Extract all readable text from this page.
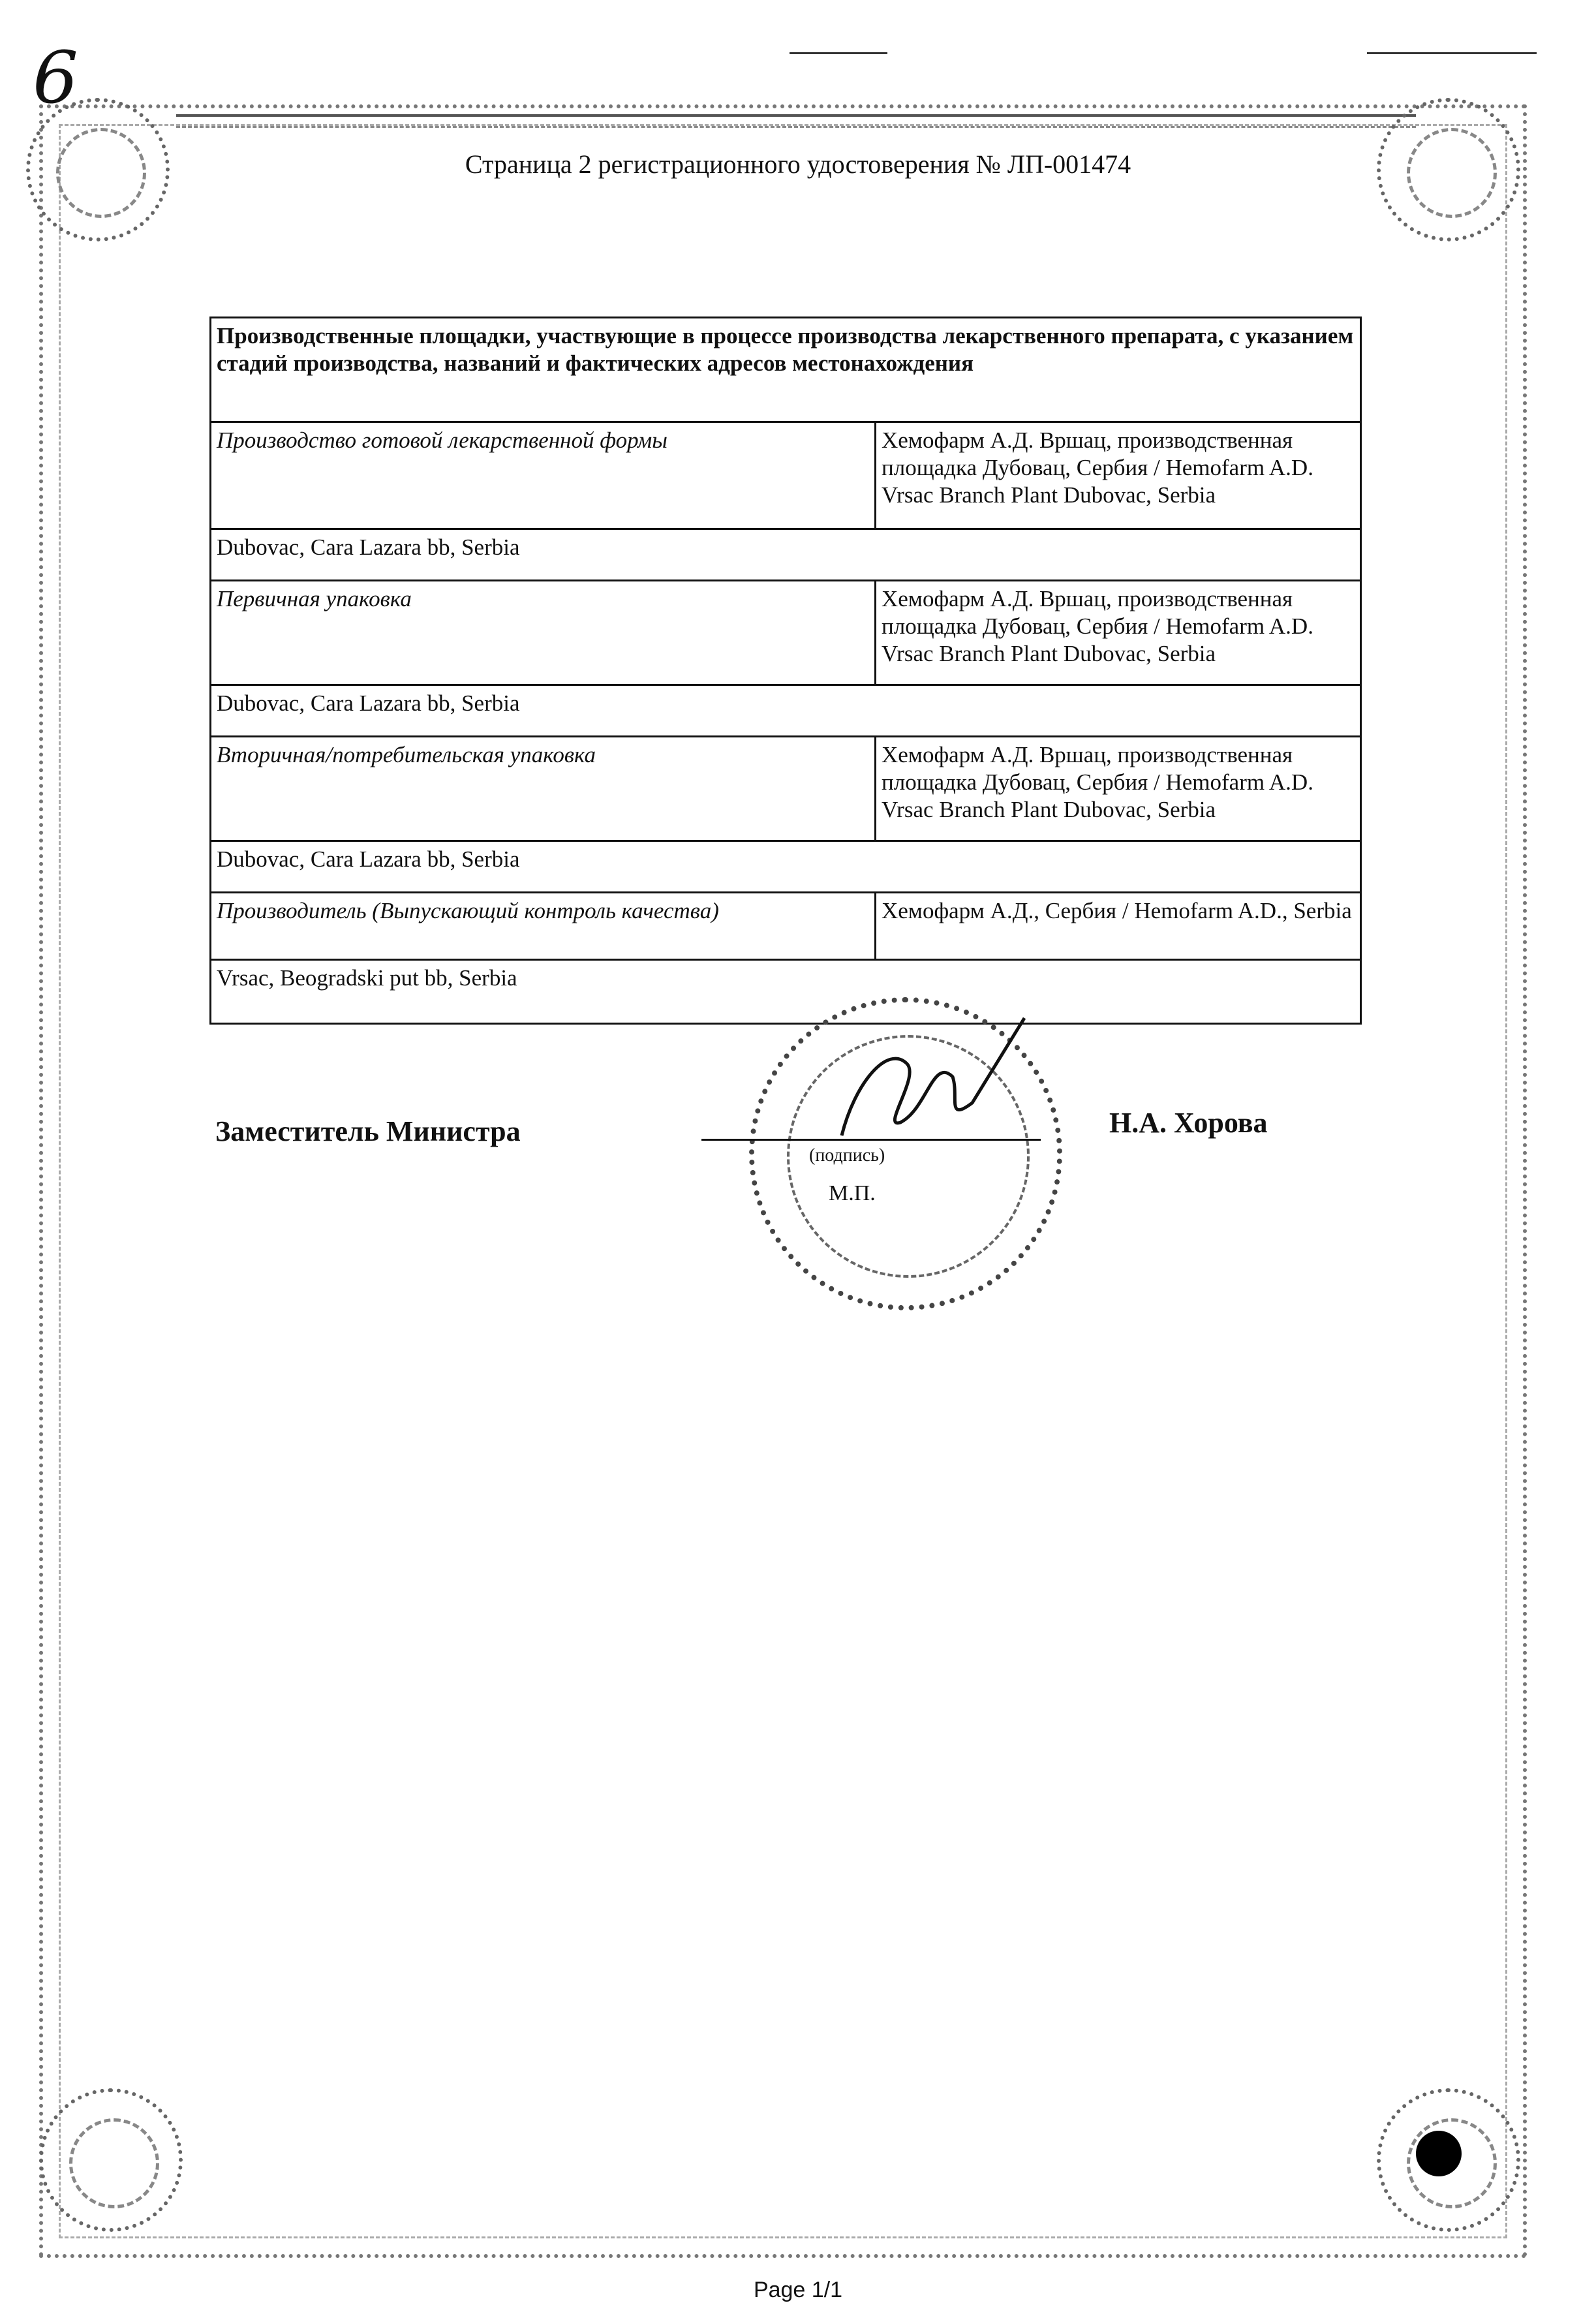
6
Страница 2 регистрационного удостоверения № ЛП-001474
Производственные площадки, участвующие в процессе производства лекарственного препарата, с указанием стадий производства, названий и фактических адресов местонахождения	
Производство готовой лекарственной формы	Хемофарм А.Д. Вршац, производственная площадка Дубовац, Сербия / Hemofarm A.D. Vrsac Branch Plant Dubovac, Serbia
Dubovac, Cara Lazara bb, Serbia	
Первичная упаковка	Хемофарм А.Д. Вршац, производственная площадка Дубовац, Сербия / Hemofarm A.D. Vrsac Branch Plant Dubovac, Serbia
Dubovac, Cara Lazara bb, Serbia	
Вторичная/потребительская упаковка	Хемофарм А.Д. Вршац, производственная площадка Дубовац, Сербия / Hemofarm A.D. Vrsac Branch Plant Dubovac, Serbia
Dubovac, Cara Lazara bb, Serbia	
Производитель (Выпускающий контроль качества)	Хемофарм А.Д., Сербия / Hemofarm A.D., Serbia
Vrsac, Beogradski put bb, Serbia	
Заместитель Министра
(подпись)
М.П.
Н.А. Хорова
Page 1/1
